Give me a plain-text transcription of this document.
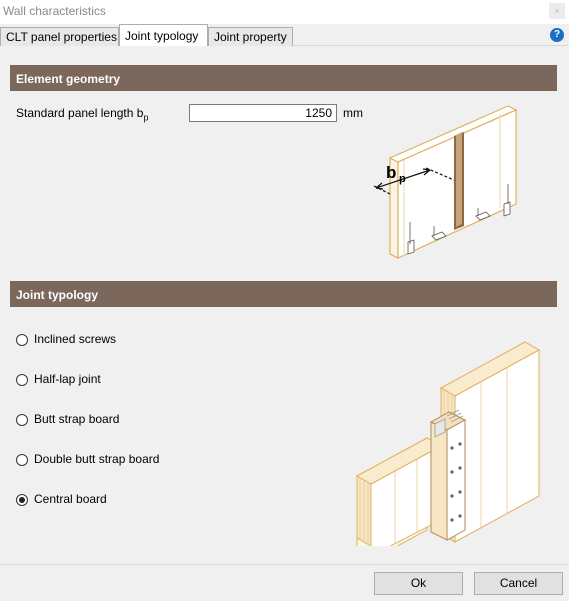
Wall characteristics	×
CLT panel properties Joint typology	Joint property	?
Element geometry
Standard panel length $b_p$
1250	mm
b p
Joint typology
Inclined screws
Half-lap joint
Butt strap board
Double butt strap board
Central board
Ok	Cancel
